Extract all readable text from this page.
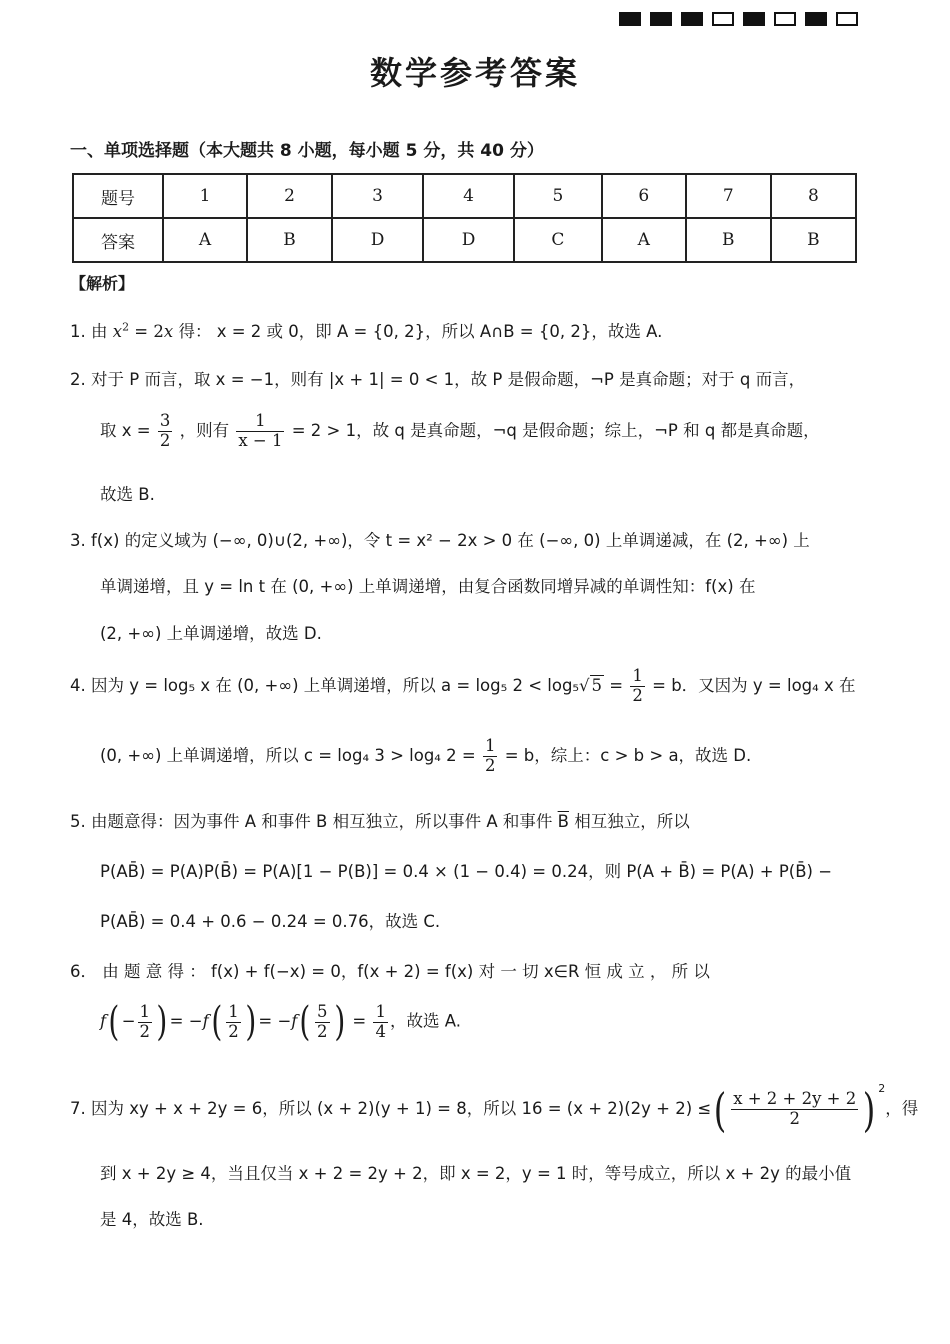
数学参考答案
一、单项选择题（本大题共 8 小题，每小题 5 分，共 40 分）
题号	1	2	3	4	5	6	7	8
答案	A	B	D	D	C	A	B	B
【解析】
1. 由 $x^2 = 2x$ 得： x = 2 或 0，即 A = {0, 2}，所以 A∩B = {0, 2}，故选 A.
2. 对于 P 而言，取 x = −1，则有 |x + 1| = 0 < 1，故 P 是假命题，¬P 是真命题；对于 q 而言，
取 $x = \frac{3}{2}$ ，则有 $\frac{1}{x - 1} = 2 > 1$，故 q 是真命题，¬q 是假命题；综上，¬P 和 q 都是真命题，
故选 B.
3. f(x) 的定义域为 (−∞, 0)∪(2, +∞)，令 t = x² − 2x > 0 在 (−∞, 0) 上单调递减，在 (2, +∞) 上
单调递增，且 y = ln t 在 (0, +∞) 上单调递增，由复合函数同增异减的单调性知：f(x) 在
(2, +∞) 上单调递增，故选 D.
4. 因为 y = log₅ x 在 (0, +∞) 上单调递增，所以 a = log₅ 2 < log₅√ $5 = \frac{1}{2} = b$．又因为 y = log₄ x 在
(0, +∞) 上单调递增，所以 c = log₄ 3 > log₄ $2 = \frac{1}{2} = b$，综上：c > b > a，故选 D.
5. 由题意得：因为事件 A 和事件 B 相互独立，所以事件 A 和事件 $\overline{B}$ 相互独立，所以
P(AB̄) = P(A)P(B̄) = P(A)[1 − P(B)] = 0.4 × (1 − 0.4) = 0.24，则 P(A + B̄) = P(A) + P(B̄) −
P(AB̄) = 0.4 + 0.6 − 0.24 = 0.76，故选 C.
6． 由 题 意 得 ： f(x) + f(−x) = 0，f(x + 2) = f(x) 对 一 切 x∈R 恒 成 立 ， 所 以
$f( - \frac{1}{2}$ ) = $-f( \frac{1}{2}$ ) = $-f( \frac{5}{2}$ ) = $\frac{1}{4}$ ，故选 A.
7. 因为 xy + x + 2y = 6，所以 (x + 2)(y + 1) = 8，所以 16 = (x + 2)(2y + 2) ≤( $\frac{x + 2 + 2y + 2}{2}$ ) $^2$，得
到 x + 2y ≥ 4，当且仅当 x + 2 = 2y + 2，即 x = 2，y = 1 时，等号成立，所以 x + 2y 的最小值
是 4，故选 B.
